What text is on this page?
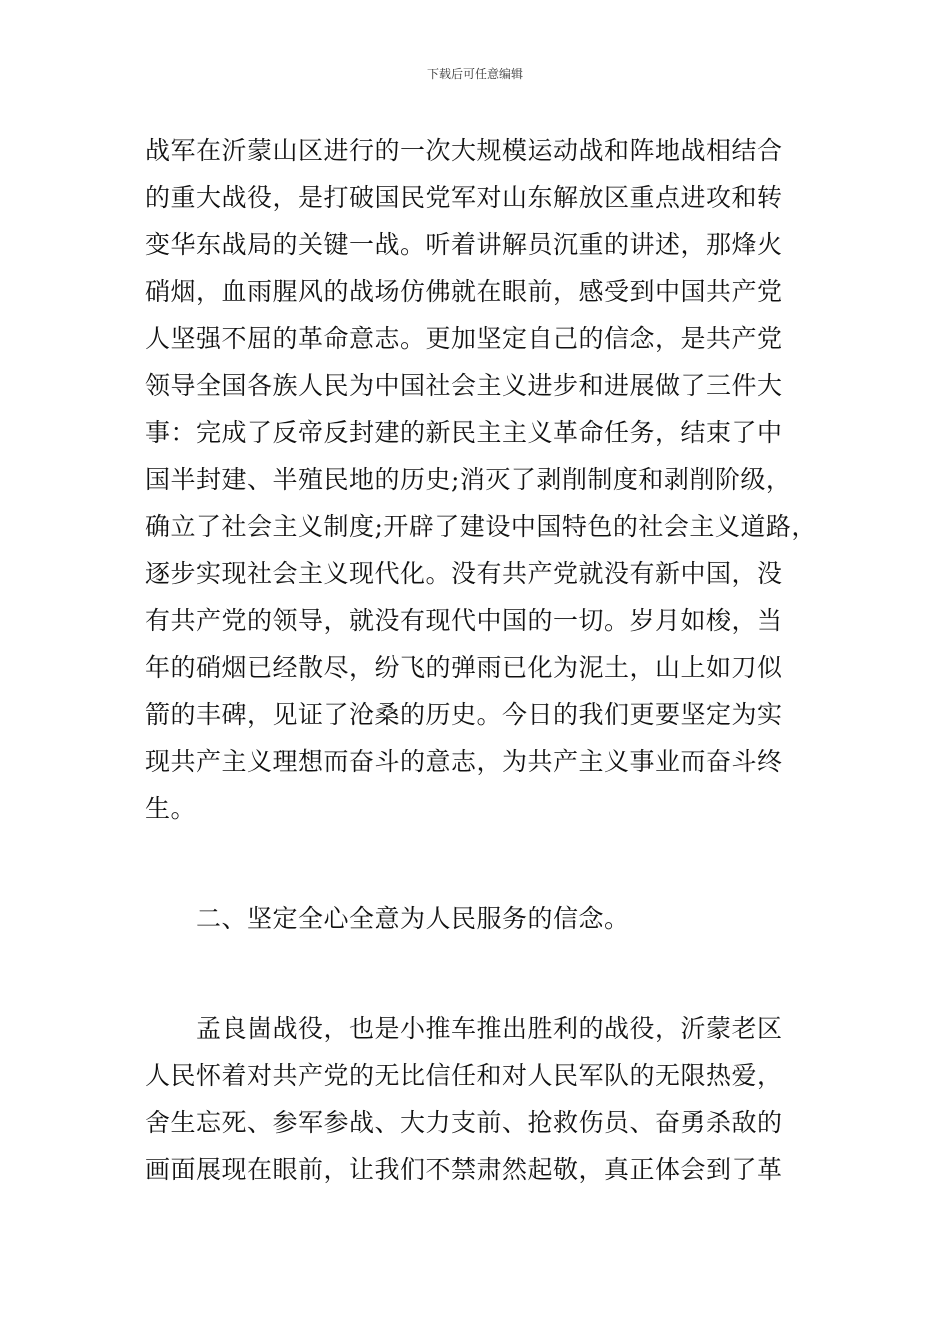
下载后可任意编辑
战军在沂蒙山区进行的一次大规模运动战和阵地战相结合
的重大战役，是打破国民党军对山东解放区重点进攻和转
变华东战局的关键一战。听着讲解员沉重的讲述，那烽火
硝烟，血雨腥风的战场仿佛就在眼前，感受到中国共产党
人坚强不屈的革命意志。更加坚定自己的信念，是共产党
领导全国各族人民为中国社会主义进步和进展做了三件大
事：完成了反帝反封建的新民主主义革命任务，结束了中
国半封建、半殖民地的历史;消灭了剥削制度和剥削阶级，
确立了社会主义制度;开辟了建设中国特色的社会主义道路，
逐步实现社会主义现代化。没有共产党就没有新中国，没
有共产党的领导，就没有现代中国的一切。岁月如梭，当
年的硝烟已经散尽，纷飞的弹雨已化为泥土，山上如刀似
箭的丰碑，见证了沧桑的历史。今日的我们更要坚定为实
现共产主义理想而奋斗的意志，为共产主义事业而奋斗终
生。
二、坚定全心全意为人民服务的信念。
孟良崮战役，也是小推车推出胜利的战役，沂蒙老区
人民怀着对共产党的无比信任和对人民军队的无限热爱，
舍生忘死、参军参战、大力支前、抢救伤员、奋勇杀敌的
画面展现在眼前，让我们不禁肃然起敬，真正体会到了革
